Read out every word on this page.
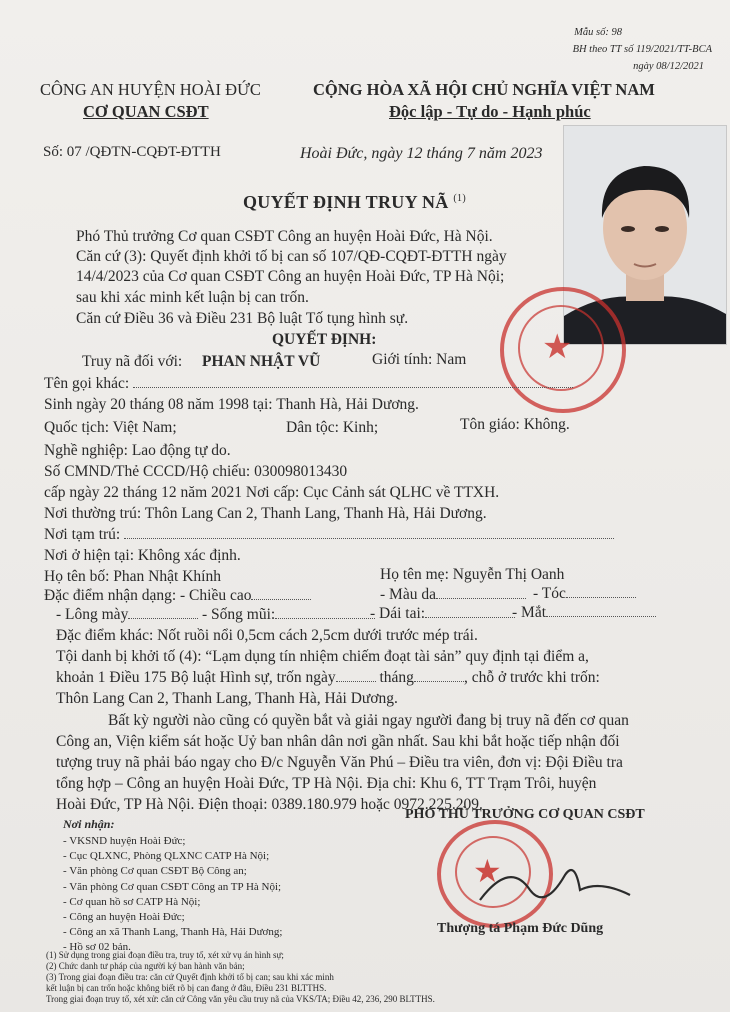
Mẫu số: 98
BH theo TT số 119/2021/TT-BCA
ngày 08/12/2021
CÔNG AN HUYỆN HOÀI ĐỨC
CƠ QUAN CSĐT
Số: 07 /QĐTN-CQĐT-ĐTTH
CỘNG HÒA XÃ HỘI CHỦ NGHĨA VIỆT NAM
Độc lập - Tự do - Hạnh phúc
Hoài Đức, ngày 12 tháng 7 năm 2023
QUYẾT ĐỊNH TRUY NÃ $^{(1)}$
★
Phó Thủ trưởng Cơ quan CSĐT Công an huyện Hoài Đức, Hà Nội.
Căn cứ (3): Quyết định khởi tố bị can số 107/QĐ-CQĐT-ĐTTH ngày
14/4/2023 của Cơ quan CSĐT Công an huyện Hoài Đức, TP Hà Nội;
sau khi xác minh kết luận bị can trốn.
Căn cứ Điều 36 và Điều 231 Bộ luật Tố tụng hình sự.
QUYẾT ĐỊNH:
Truy nã đối với: PHAN NHẬT VŨ	Giới tính: Nam
Tên gọi khác:
Sinh ngày 20 tháng 08 năm 1998 tại: Thanh Hà, Hải Dương.
Quốc tịch: Việt Nam;	Dân tộc: Kinh;	Tôn giáo: Không.
Nghề nghiệp: Lao động tự do.
Số CMND/Thẻ CCCD/Hộ chiếu: 030098013430
cấp ngày 22 tháng 12 năm 2021 Nơi cấp: Cục Cảnh sát QLHC về TTXH.
Nơi thường trú: Thôn Lang Can 2, Thanh Lang, Thanh Hà, Hải Dương.
Nơi tạm trú:
Nơi ở hiện tại: Không xác định.
Họ tên bố: Phan Nhật Khính	Họ tên mẹ: Nguyễn Thị Oanh
Đặc điểm nhận dạng: - Chiều cao	- Màu da	- Tóc
- Lông mày	- Sống mũi:	- Dái tai:	- Mắt
Đặc điểm khác: Nốt ruồi nổi 0,5cm cách 2,5cm dưới trước mép trái.
Tội danh bị khởi tố (4): “Lạm dụng tín nhiệm chiếm đoạt tài sản” quy định tại điểm a,
khoản 1 Điều 175 Bộ luật Hình sự, trốn ngày	tháng	, chỗ ở trước khi trốn:
Thôn Lang Can 2, Thanh Lang, Thanh Hà, Hải Dương.
Bất kỳ người nào cũng có quyền bắt và giải ngay người đang bị truy nã đến cơ quan
Công an, Viện kiểm sát hoặc Uỷ ban nhân dân nơi gần nhất. Sau khi bắt hoặc tiếp nhận đối
tượng truy nã phải báo ngay cho Đ/c Nguyễn Văn Phú – Điều tra viên, đơn vị: Đội Điều tra
tổng hợp – Công an huyện Hoài Đức, TP Hà Nội. Địa chỉ: Khu 6, TT Trạm Trôi, huyện
Hoài Đức, TP Hà Nội. Điện thoại: 0389.180.979 hoặc 0972.225.209.
Nơi nhận:
- VKSND huyện Hoài Đức;
- Cục QLXNC, Phòng QLXNC CATP Hà Nội;
- Văn phòng Cơ quan CSĐT Bộ Công an;
- Văn phòng Cơ quan CSĐT Công an TP Hà Nội;
- Cơ quan hồ sơ CATP Hà Nội;
- Công an huyện Hoài Đức;
- Công an xã Thanh Lang, Thanh Hà, Hải Dương;
- Hồ sơ 02 bản.
PHÓ THỦ TRƯỞNG CƠ QUAN CSĐT
★
Thượng tá Phạm Đức Dũng
(1) Sử dụng trong giai đoạn điều tra, truy tố, xét xử vụ án hình sự;
(2) Chức danh tư pháp của người ký ban hành văn bản;
(3) Trong giai đoạn điều tra: căn cứ Quyết định khởi tố bị can; sau khi xác minh
kết luận bị can trốn hoặc không biết rõ bị can đang ở đâu, Điều 231 BLTTHS.
Trong giai đoạn truy tố, xét xử: căn cứ Công văn yêu cầu truy nã của VKS/TA; Điều 42, 236, 290 BLTTHS.
